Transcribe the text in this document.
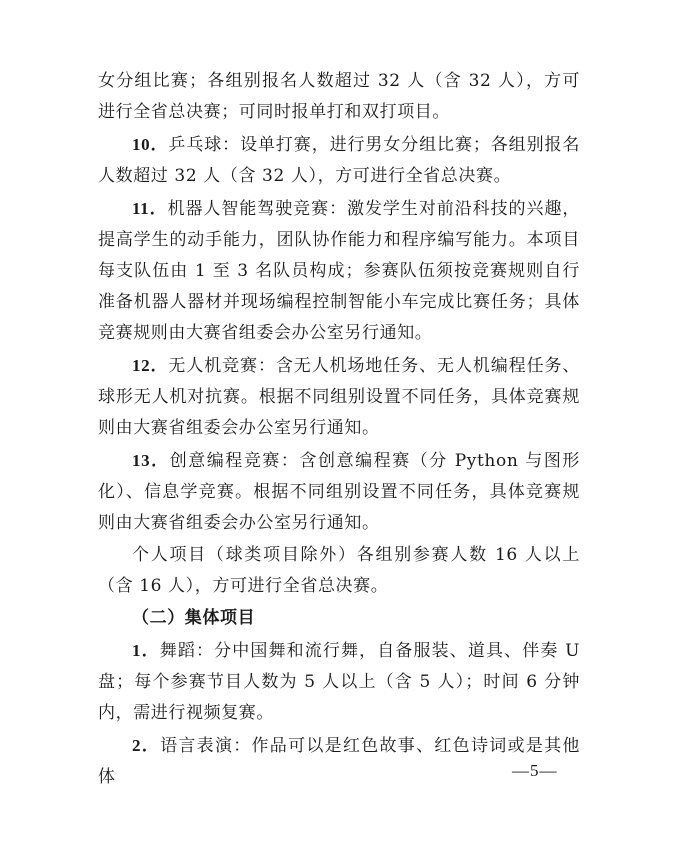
女分组比赛；各组别报名人数超过 32 人（含 32 人），方可进行全省总决赛；可同时报单打和双打项目。

10．乒乓球：设单打赛，进行男女分组比赛；各组别报名人数超过 32 人（含 32 人），方可进行全省总决赛。

11．机器人智能驾驶竞赛：激发学生对前沿科技的兴趣，提高学生的动手能力，团队协作能力和程序编写能力。本项目每支队伍由 1 至 3 名队员构成；参赛队伍须按竞赛规则自行准备机器人器材并现场编程控制智能小车完成比赛任务；具体竞赛规则由大赛省组委会办公室另行通知。

12．无人机竞赛：含无人机场地任务、无人机编程任务、球形无人机对抗赛。根据不同组别设置不同任务，具体竞赛规则由大赛省组委会办公室另行通知。

13．创意编程竞赛：含创意编程赛（分 Python 与图形化）、信息学竞赛。根据不同组别设置不同任务，具体竞赛规则由大赛省组委会办公室另行通知。

个人项目（球类项目除外）各组别参赛人数 16 人以上（含 16 人），方可进行全省总决赛。

（二）集体项目

1．舞蹈：分中国舞和流行舞，自备服装、道具、伴奏 U 盘；每个参赛节目人数为 5 人以上（含 5 人）；时间 6 分钟内，需进行视频复赛。

2．语言表演：作品可以是红色故事、红色诗词或是其他体	—5—
